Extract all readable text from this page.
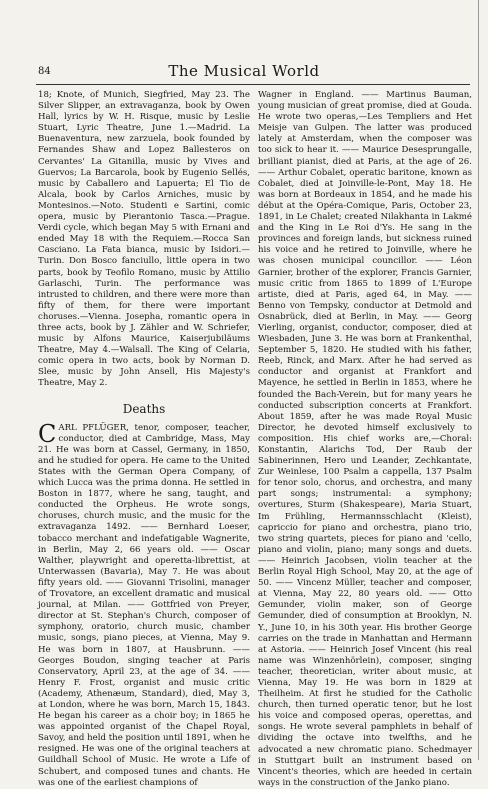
84	The Musical World

18; Knote, of Munich, Siegfried, May 23. The Silver Slipper, an extravaganza, book by Owen Hall, lyrics by W. H. Risque, music by Leslie Stuart, Lyric Theatre, June 1.—Madrid. La Buenaventura, new zarzuela, book founded by Fernandes Shaw and Lopez Ballesteros on Cervantes' La Gitanilla, music by Vives and Guervos; La Barcarola, book by Eugenio Sellés, music by Caballero and Lapuerta; El Tio de Alcala, book by Carlos Arniches, music by Montesinos.—Noto. Studenti e Sartini, comic opera, music by Pierantonio Tasca.—Prague. Verdi cycle, which began May 5 with Ernani and ended May 18 with the Requiem.—Rocca San Casciano. La Fata bianca, music by Isidori.—Turin. Don Bosco fanciullo, little opera in two parts, book by Teofilo Romano, music by Attilio Garlaschi, Turin. The performance was intrusted to children, and there were more than fifty of them, for there were important choruses.—Vienna. Josepha, romantic opera in three acts, book by J. Zähler and W. Schriefer, music by Alfons Maurice, Kaiserjubiläums Theatre, May 4.—Walsall. The King of Celaria, comic opera in two acts, book by Norman D. Slee, music by John Ansell, His Majesty's Theatre, May 2.

Deaths

CARL PFLÜGER, tenor, composer, teacher, conductor, died at Cambridge, Mass, May 21. He was born at Cassel, Germany, in 1850, and he studied for opera. He came to the United States with the German Opera Company, of which Lucca was the prima donna. He settled in Boston in 1877, where he sang, taught, and conducted the Orpheus. He wrote songs, choruses, church music, and the music for the extravaganza 1492. —— Bernhard Loeser, tobacco merchant and indefatigable Wagnerite, in Berlin, May 2, 66 years old. —— Oscar Walther, playwright and operetta-librettist, at Unterwassen (Bavaria), May 7. He was about fifty years old. —— Giovanni Trisolini, manager of Trovatore, an excellent dramatic and musical journal, at Milan. —— Gottfried von Preyer, director at St. Stephan's Church, composer of symphony, oratorio, church music, chamber music, songs, piano pieces, at Vienna, May 9. He was born in 1807, at Hausbrunn. —— Georges Boudon, singing teacher at Paris Conservatory, April 23, at the age of 34. —— Henry F. Frost, organist and music critic (Academy, Athenæum, Standard), died, May 3, at London, where he was born, March 15, 1843. He began his career as a choir boy; in 1865 he was appointed organist of the Chapel Royal, Savoy, and held the position until 1891, when he resigned. He was one of the original teachers at Guildhall School of Music. He wrote a Life of Schubert, and composed tunes and chants. He was one of the earliest champions of

Wagner in England. —— Martinus Bauman, young musician of great promise, died at Gouda. He wrote two operas,—Les Templiers and Het Meisje van Gulpen. The latter was produced lately at Amsterdam, when the composer was too sick to hear it. —— Maurice Desesprungalle, brilliant pianist, died at Paris, at the age of 26. —— Arthur Cobalet, operatic baritone, known as Cobalet, died at Joinville-le-Pont, May 18. He was born at Bordeaux in 1854, and he made his début at the Opéra-Comique, Paris, October 23, 1891, in Le Chalet; created Nilakhanta in Lakmé and the King in Le Roi d'Ys. He sang in the provinces and foreign lands, but sickness ruined his voice and he retired to Joinville, where he was chosen municipal councillor. —— Léon Garnier, brother of the explorer, Francis Garnier, music critic from 1865 to 1899 of L'Europe artiste, died at Paris, aged 64, in May. —— Benno von Tempsky, conductor at Detmold and Osnabrück, died at Berlin, in May. —— Georg Vierling, organist, conductor, composer, died at Wiesbaden, June 3. He was born at Frankenthal, September 5, 1820. He studied with his father, Reeb, Rinck, and Marx. After he had served as conductor and organist at Frankfort and Mayence, he settled in Berlin in 1853, where he founded the Bach-Verein, but for many years he conducted subscription concerts at Frankfort. About 1859, after he was made Royal Music Director, he devoted himself exclusively to composition. His chief works are,—Choral: Konstantin, Alarichs Tod, Der Raub der Sabinerinnen, Hero und Leander, Zechkantate, Zur Weinlese, 100 Psalm a cappella, 137 Psalm for tenor solo, chorus, and orchestra, and many part songs; instrumental: a symphony; overtures, Sturm (Shakespeare), Maria Stuart, Im Frühling, Hermannsschlacht (Kleist), capriccio for piano and orchestra, piano trio, two string quartets, pieces for piano and 'cello, piano and violin, piano; many songs and duets. —— Heinrich Jacobsen, violin teacher at the Berlin Royal High School, May 20, at the age of 50. —— Vincenz Müller, teacher and composer, at Vienna, May 22, 80 years old. —— Otto Gemunder, violin maker, son of George Gemunder, died of consumption at Brooklyn, N. Y., June 10, in his 30th year. His brother George carries on the trade in Manhattan and Hermann at Astoria. —— Heinrich Josef Vincent (his real name was Winzenhörlein), composer, singing teacher, theoretician, writer about music, at Vienna, May 19. He was born in 1829 at Theilheim. At first he studied for the Catholic church, then turned operatic tenor, but he lost his voice and composed operas, operettas, and songs. He wrote several pamphlets in behalf of dividing the octave into twelfths, and he advocated a new chromatic piano. Schedmayer in Stuttgart built an instrument based on Vincent's theories, which are heeded in certain ways in the construction of the Janko piano.
